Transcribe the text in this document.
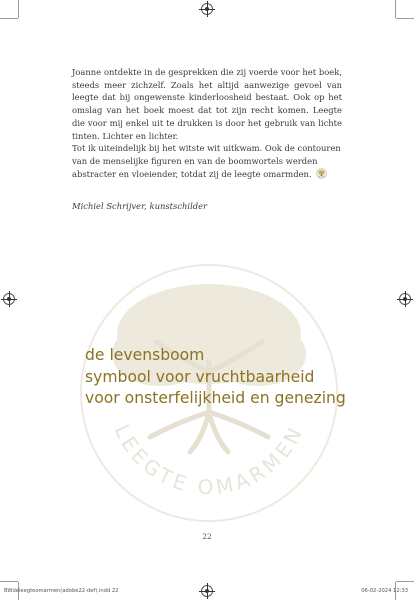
Joanne ontdekte in de gesprekken die zij voerde voor het boek, steeds meer zichzelf. Zoals het altijd aanwezige gevoel van leegte dat bij ongewenste kinderloosheid bestaat. Ook op het omslag van het boek moest dat tot zijn recht komen. Leegte die voor mij enkel uit te drukken is door het gebruik van lichte tinten. Lichter en lichter.

Tot ik uiteindelijk bij het witste wit uitkwam. Ook de contouren van de menselijke figuren en van de boomwortels werden abstracter en vloeiender, totdat zij de leegte omarmden.

Michiel Schrijver, kunstschilder
LEEGTE OMARMEN
de levensboom
symbool voor vruchtbaarheid
voor onsterfelijkheid en genezing
22
BWdeleegteomarmen(adobe22-def).indd 22	06-02-2024 12:33
